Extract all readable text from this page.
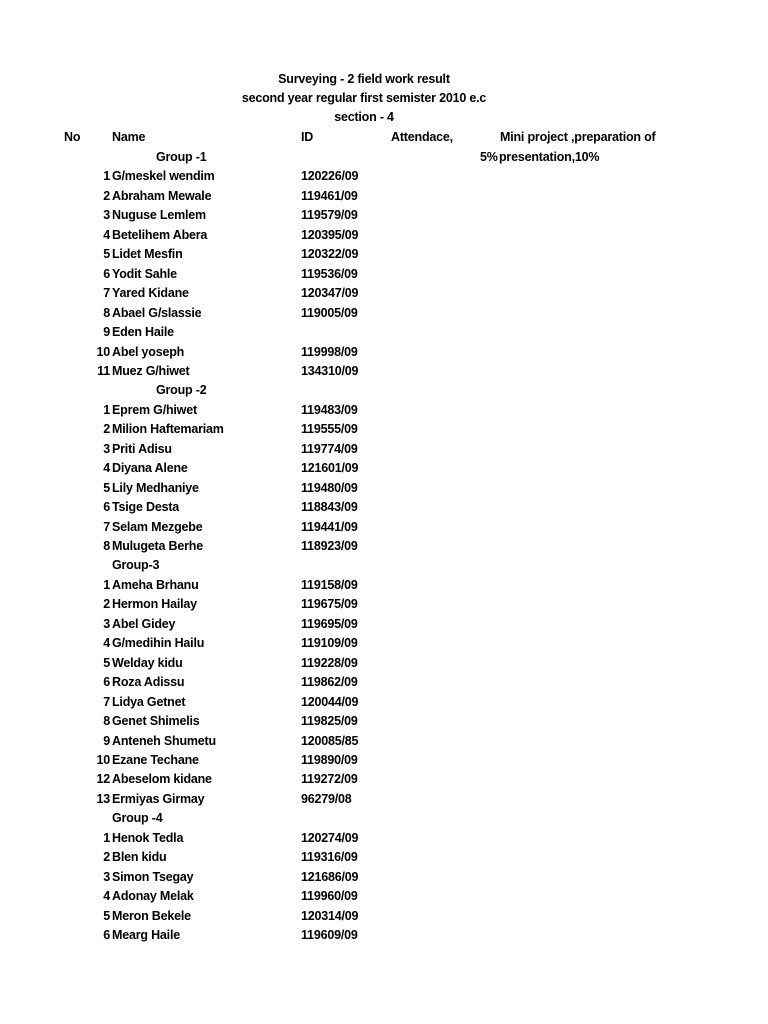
Surveying - 2 field work result
second year regular first semister 2010 e.c
section - 4
No	Name	ID	Attendace,
5%
Mini project ,preparation of
presentation,10%
Group -1
1 G/meskel wendim	120226/09
2 Abraham Mewale	119461/09
3 Nuguse Lemlem	119579/09
4 Betelihem Abera	120395/09
5 Lidet Mesfin	120322/09
6 Yodit Sahle	119536/09
7 Yared Kidane	120347/09
8 Abael G/slassie	119005/09
9 Eden Haile
10 Abel yoseph	119998/09
11 Muez G/hiwet	134310/09
Group -2
1 Eprem G/hiwet	119483/09
2 Milion Haftemariam	119555/09
3 Priti Adisu	119774/09
4 Diyana Alene	121601/09
5 Lily Medhaniye	119480/09
6 Tsige Desta	118843/09
7 Selam Mezgebe	119441/09
8 Mulugeta Berhe	118923/09
Group-3
1 Ameha Brhanu	119158/09
2 Hermon Hailay	119675/09
3 Abel Gidey	119695/09
4 G/medihin Hailu	119109/09
5 Welday kidu	119228/09
6 Roza Adissu	119862/09
7 Lidya Getnet	120044/09
8 Genet Shimelis	119825/09
9 Anteneh Shumetu	120085/85
10 Ezane Techane	119890/09
12 Abeselom kidane	119272/09
13 Ermiyas Girmay	96279/08
Group -4
1 Henok Tedla	120274/09
2 Blen kidu	119316/09
3 Simon Tsegay	121686/09
4 Adonay Melak	119960/09
5 Meron Bekele	120314/09
6 Mearg Haile	119609/09
